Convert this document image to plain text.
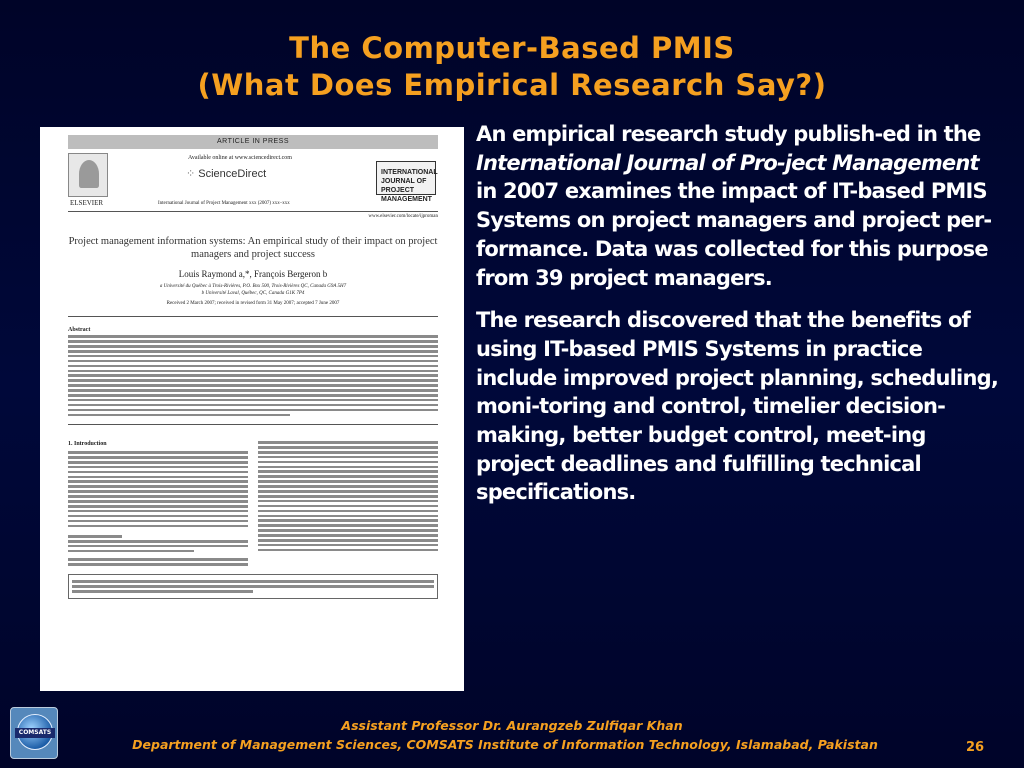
The Computer-Based PMIS
(What Does Empirical Research Say?)
ARTICLE IN PRESS
ELSEVIER
Available online at www.sciencedirect.com
⁘ ScienceDirect	INTERNATIONAL JOURNAL OF PROJECT MANAGEMENT
International Journal of Project Management xxx (2007) xxx–xxx
www.elsevier.com/locate/ijproman
Project management information systems: An empirical study of their impact on project managers and project success
Louis Raymond a,*, François Bergeron b
a Université du Québec à Trois-Rivières, P.O. Box 500, Trois-Rivières QC, Canada G9A 5H7
b Université Laval, Québec, QC, Canada G1K 7P4
Received 2 March 2007; received in revised form 31 May 2007; accepted 7 June 2007
Abstract
1. Introduction

An empirical research study publish-ed in the International Journal of Pro-ject Management in 2007 examines the impact of IT-based PMIS Systems on project managers and project per-formance. Data was collected for this purpose from 39 project managers.

The research discovered that the benefits of using IT-based PMIS Systems in practice include improved project planning, scheduling, moni-toring and control, timelier decision-making, better budget control, meet-ing project deadlines and fulfilling technical specifications.

COMSATS	Assistant Professor Dr. Aurangzeb Zulfiqar Khan
Department of Management Sciences, COMSATS Institute of Information Technology, Islamabad, Pakistan	26
